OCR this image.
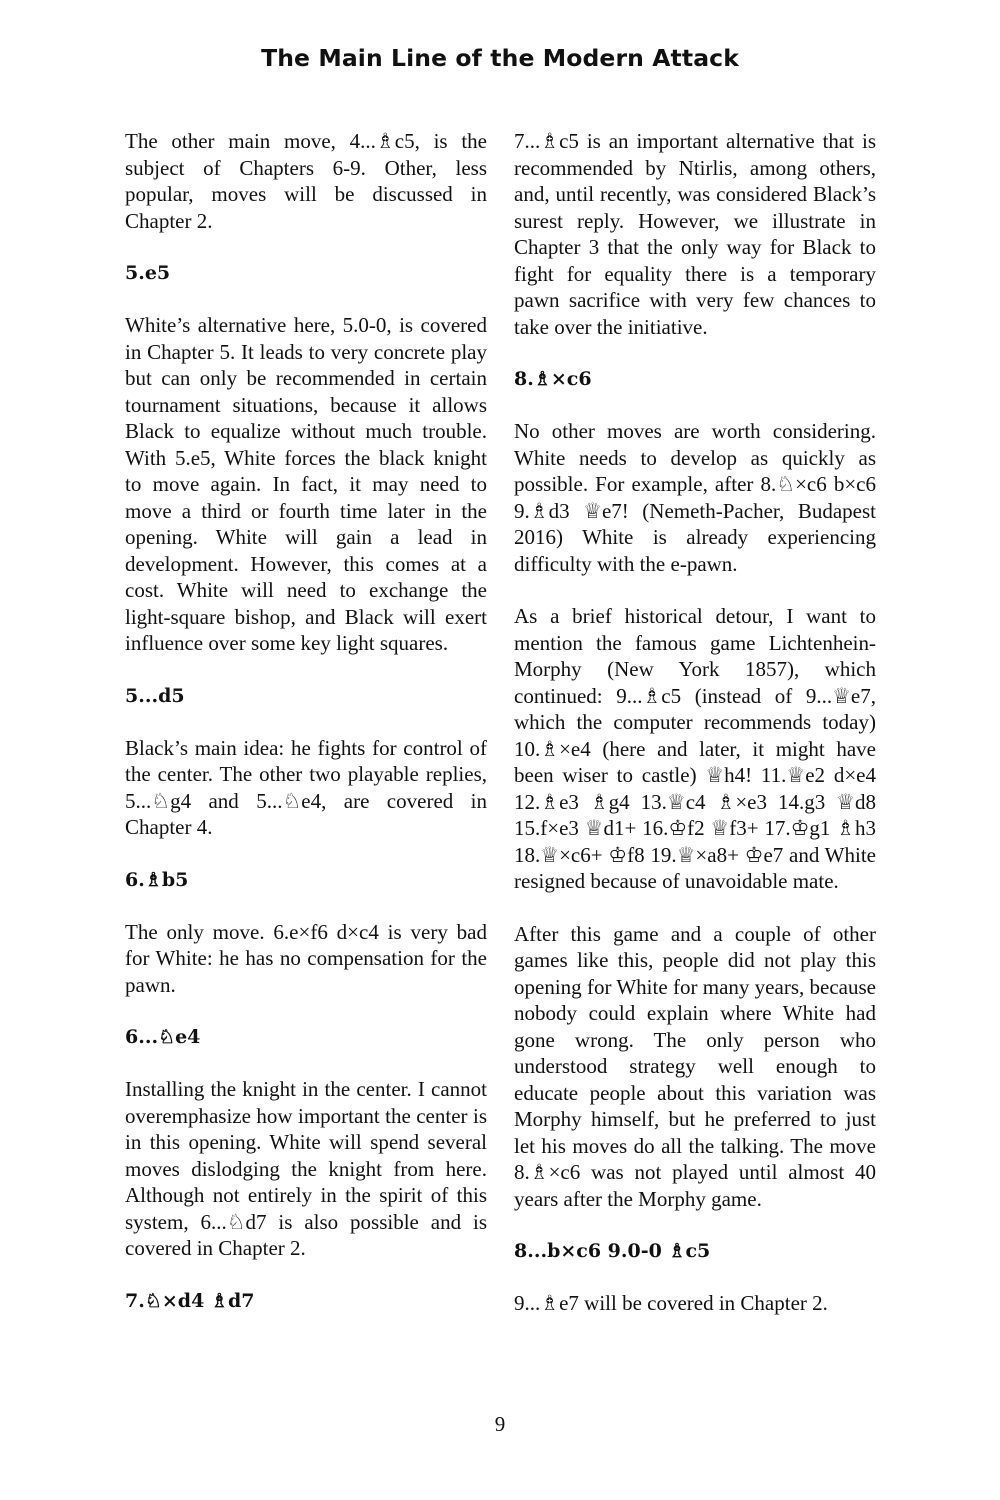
The Main Line of the Modern Attack

The other main move, 4...♗c5, is the subject of Chapters 6-9. Other, less popular, moves will be discussed in Chapter 2.

5.e5

White’s alternative here, 5.0-0, is covered in Chapter 5. It leads to very concrete play but can only be recommended in certain tournament situations, because it allows Black to equalize without much trouble. With 5.e5, White forces the black knight to move again. In fact, it may need to move a third or fourth time later in the opening. White will gain a lead in development. However, this comes at a cost. White will need to exchange the light-square bishop, and Black will exert influence over some key light squares.

5...d5

Black’s main idea: he fights for control of the center. The other two playable replies, 5...♘g4 and 5...♘e4, are covered in Chapter 4.

6.♗b5

The only move. 6.e×f6 d×c4 is very bad for White: he has no compensation for the pawn.

6...♘e4

Installing the knight in the center. I cannot overemphasize how important the center is in this opening. White will spend several moves dislodging the knight from here. Although not entirely in the spirit of this system, 6...♘d7 is also possible and is covered in Chapter 2.

7.♘×d4 ♗d7

7...♗c5 is an important alternative that is recommended by Ntirlis, among others, and, until recently, was considered Black’s surest reply. However, we illustrate in Chapter 3 that the only way for Black to fight for equality there is a temporary pawn sacrifice with very few chances to take over the initiative.

8.♗×c6

No other moves are worth considering. White needs to develop as quickly as possible. For example, after 8.♘×c6 b×c6 9.♗d3 ♕e7! (Nemeth-Pacher, Budapest 2016) White is already experiencing difficulty with the e-pawn.

As a brief historical detour, I want to mention the famous game Lichtenhein-Morphy (New York 1857), which continued: 9...♗c5 (instead of 9...♕e7, which the computer recommends today) 10.♗×e4 (here and later, it might have been wiser to castle) ♕h4! 11.♕e2 d×e4 12.♗e3 ♗g4 13.♕c4 ♗×e3 14.g3 ♕d8 15.f×e3 ♕d1+ 16.♔f2 ♕f3+ 17.♔g1 ♗h3 18.♕×c6+ ♔f8 19.♕×a8+ ♔e7 and White resigned because of unavoidable mate.

After this game and a couple of other games like this, people did not play this opening for White for many years, because nobody could explain where White had gone wrong. The only person who understood strategy well enough to educate people about this variation was Morphy himself, but he preferred to just let his moves do all the talking. The move 8.♗×c6 was not played until almost 40 years after the Morphy game.

8...b×c6 9.0-0 ♗c5

9...♗e7 will be covered in Chapter 2.

9
